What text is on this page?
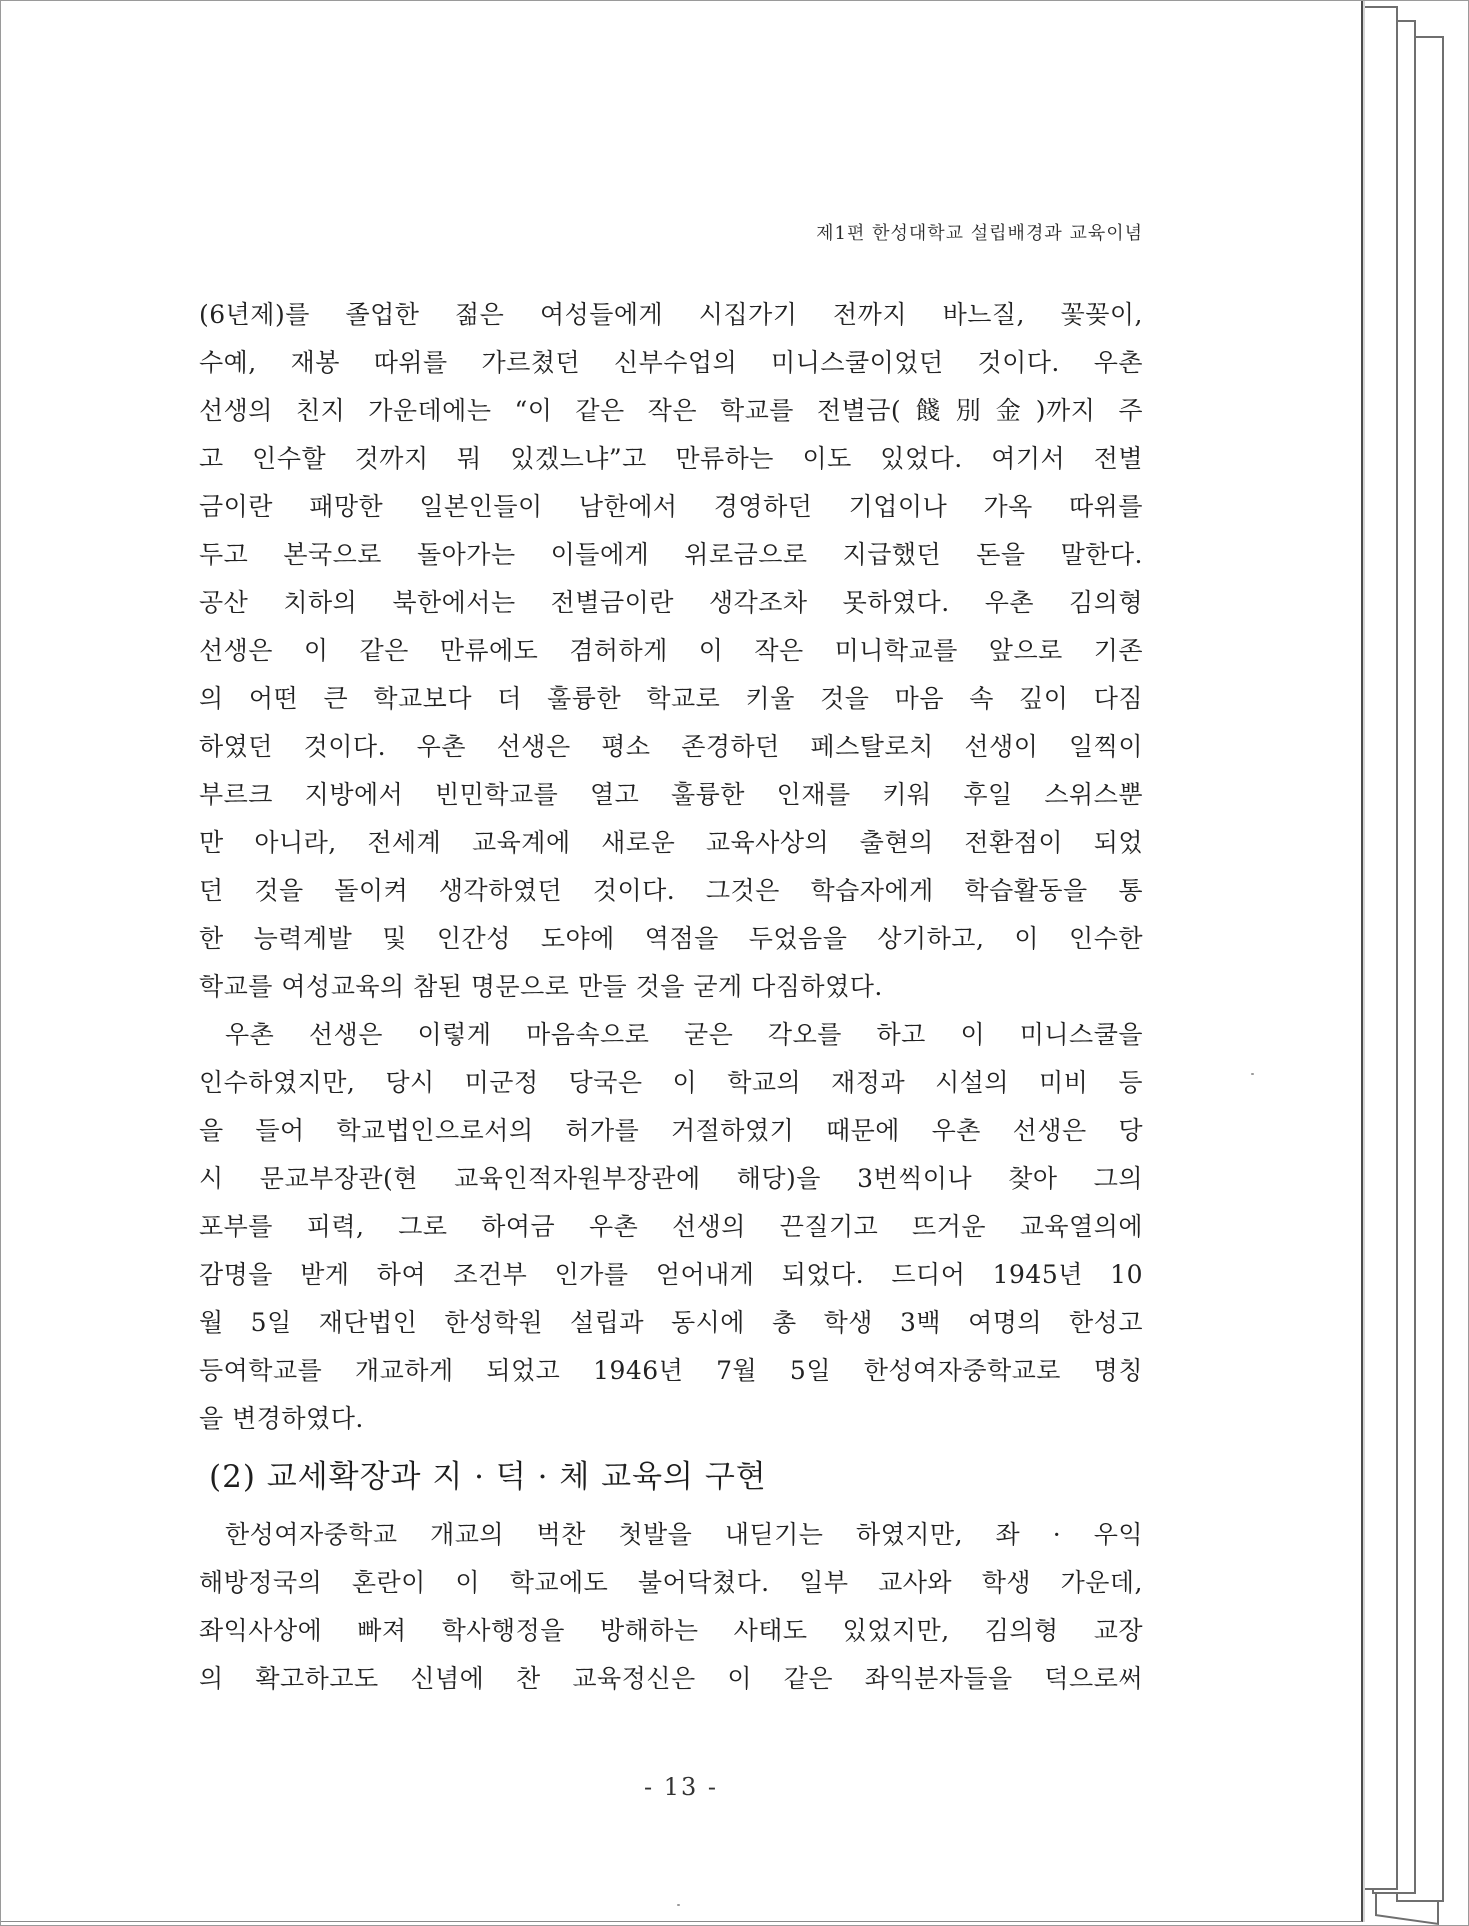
제1편 한성대학교 설립배경과 교육이념
(6년제)를 졸업한 젊은 여성들에게 시집가기 전까지 바느질, 꽃꽂이,
수예, 재봉 따위를 가르쳤던 신부수업의 미니스쿨이었던 것이다. 우촌
선생의 친지 가운데에는 “이 같은 작은 학교를 전별금(餞別金)까지 주
고 인수할 것까지 뭐 있겠느냐”고 만류하는 이도 있었다. 여기서 전별
금이란 패망한 일본인들이 남한에서 경영하던 기업이나 가옥 따위를
두고 본국으로 돌아가는 이들에게 위로금으로 지급했던 돈을 말한다.
공산 치하의 북한에서는 전별금이란 생각조차 못하였다. 우촌 김의형
선생은 이 같은 만류에도 겸허하게 이 작은 미니학교를 앞으로 기존
의 어떤 큰 학교보다 더 훌륭한 학교로 키울 것을 마음 속 깊이 다짐
하였던 것이다. 우촌 선생은 평소 존경하던 페스탈로치 선생이 일찍이
부르크 지방에서 빈민학교를 열고 훌륭한 인재를 키워 후일 스위스뿐
만 아니라, 전세계 교육계에 새로운 교육사상의 출현의 전환점이 되었
던 것을 돌이켜 생각하였던 것이다. 그것은 학습자에게 학습활동을 통
한 능력계발 및 인간성 도야에 역점을 두었음을 상기하고, 이 인수한
학교를 여성교육의 참된 명문으로 만들 것을 굳게 다짐하였다.
우촌 선생은 이렇게 마음속으로 굳은 각오를 하고 이 미니스쿨을
인수하였지만, 당시 미군정 당국은 이 학교의 재정과 시설의 미비 등
을 들어 학교법인으로서의 허가를 거절하였기 때문에 우촌 선생은 당
시 문교부장관(현 교육인적자원부장관에 해당)을 3번씩이나 찾아 그의
포부를 피력, 그로 하여금 우촌 선생의 끈질기고 뜨거운 교육열의에
감명을 받게 하여 조건부 인가를 얻어내게 되었다. 드디어 1945년 10
월 5일 재단법인 한성학원 설립과 동시에 총 학생 3백 여명의 한성고
등여학교를 개교하게 되었고 1946년 7월 5일 한성여자중학교로 명칭
을 변경하였다.
(2) 교세확장과 지 · 덕 · 체 교육의 구현
한성여자중학교 개교의 벅찬 첫발을 내딛기는 하였지만, 좌 · 우익
해방정국의 혼란이 이 학교에도 불어닥쳤다. 일부 교사와 학생 가운데,
좌익사상에 빠져 학사행정을 방해하는 사태도 있었지만, 김의형 교장
의 확고하고도 신념에 찬 교육정신은 이 같은 좌익분자들을 덕으로써
- 13 -
